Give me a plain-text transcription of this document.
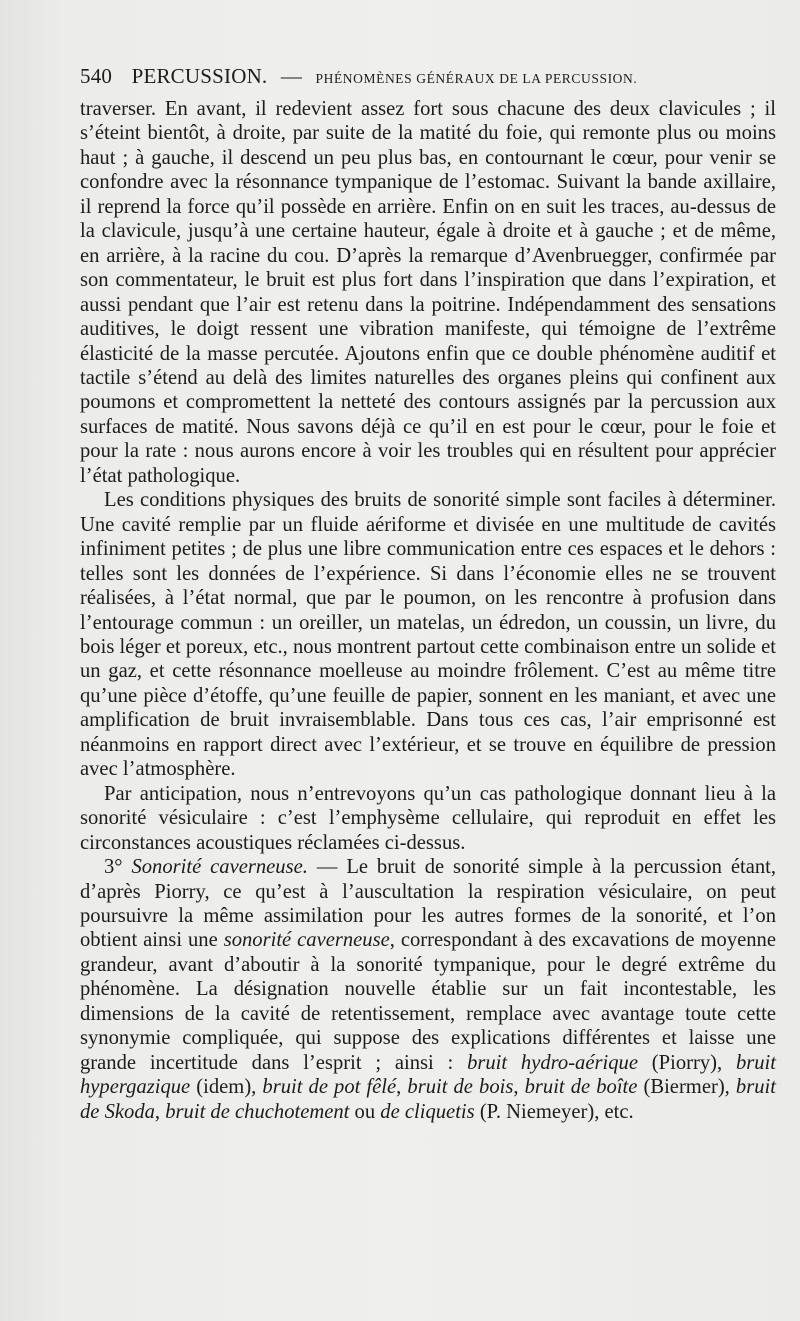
540 PERCUSSION. — PHÉNOMÈNES GÉNÉRAUX DE LA PERCUSSION.

traverser. En avant, il redevient assez fort sous chacune des deux clavicules ; il s’éteint bientôt, à droite, par suite de la matité du foie, qui remonte plus ou moins haut ; à gauche, il descend un peu plus bas, en contournant le cœur, pour venir se confondre avec la résonnance tympanique de l’estomac. Suivant la bande axillaire, il reprend la force qu’il possède en arrière. Enfin on en suit les traces, au-dessus de la clavicule, jusqu’à une certaine hauteur, égale à droite et à gauche ; et de même, en arrière, à la racine du cou. D’après la remarque d’Avenbruegger, confirmée par son commentateur, le bruit est plus fort dans l’inspiration que dans l’expiration, et aussi pendant que l’air est retenu dans la poitrine. Indépendamment des sensations auditives, le doigt ressent une vibration manifeste, qui témoigne de l’extrême élasticité de la masse percutée. Ajoutons enfin que ce double phénomène auditif et tactile s’étend au delà des limites naturelles des organes pleins qui confinent aux poumons et compromettent la netteté des contours assignés par la percussion aux surfaces de matité. Nous savons déjà ce qu’il en est pour le cœur, pour le foie et pour la rate : nous aurons encore à voir les troubles qui en résultent pour apprécier l’état pathologique.

Les conditions physiques des bruits de sonorité simple sont faciles à déterminer. Une cavité remplie par un fluide aériforme et divisée en une multitude de cavités infiniment petites ; de plus une libre communication entre ces espaces et le dehors : telles sont les données de l’expérience. Si dans l’économie elles ne se trouvent réalisées, à l’état normal, que par le poumon, on les rencontre à profusion dans l’entourage commun : un oreiller, un matelas, un édredon, un coussin, un livre, du bois léger et poreux, etc., nous montrent partout cette combinaison entre un solide et un gaz, et cette résonnance moelleuse au moindre frôlement. C’est au même titre qu’une pièce d’étoffe, qu’une feuille de papier, sonnent en les maniant, et avec une amplification de bruit invraisemblable. Dans tous ces cas, l’air emprisonné est néanmoins en rapport direct avec l’extérieur, et se trouve en équilibre de pression avec l’atmosphère.

Par anticipation, nous n’entrevoyons qu’un cas pathologique donnant lieu à la sonorité vésiculaire : c’est l’emphysème cellulaire, qui reproduit en effet les circonstances acoustiques réclamées ci-dessus.

3° Sonorité caverneuse. — Le bruit de sonorité simple à la percussion étant, d’après Piorry, ce qu’est à l’auscultation la respiration vésiculaire, on peut poursuivre la même assimilation pour les autres formes de la sonorité, et l’on obtient ainsi une sonorité caverneuse, correspondant à des excavations de moyenne grandeur, avant d’aboutir à la sonorité tympanique, pour le degré extrême du phénomène. La désignation nouvelle établie sur un fait incontestable, les dimensions de la cavité de retentissement, remplace avec avantage toute cette synonymie compliquée, qui suppose des explications différentes et laisse une grande incertitude dans l’esprit ; ainsi : bruit hydro-aérique (Piorry), bruit hypergazique (idem), bruit de pot fêlé, bruit de bois, bruit de boîte (Biermer), bruit de Skoda, bruit de chuchotement ou de cliquetis (P. Niemeyer), etc.
